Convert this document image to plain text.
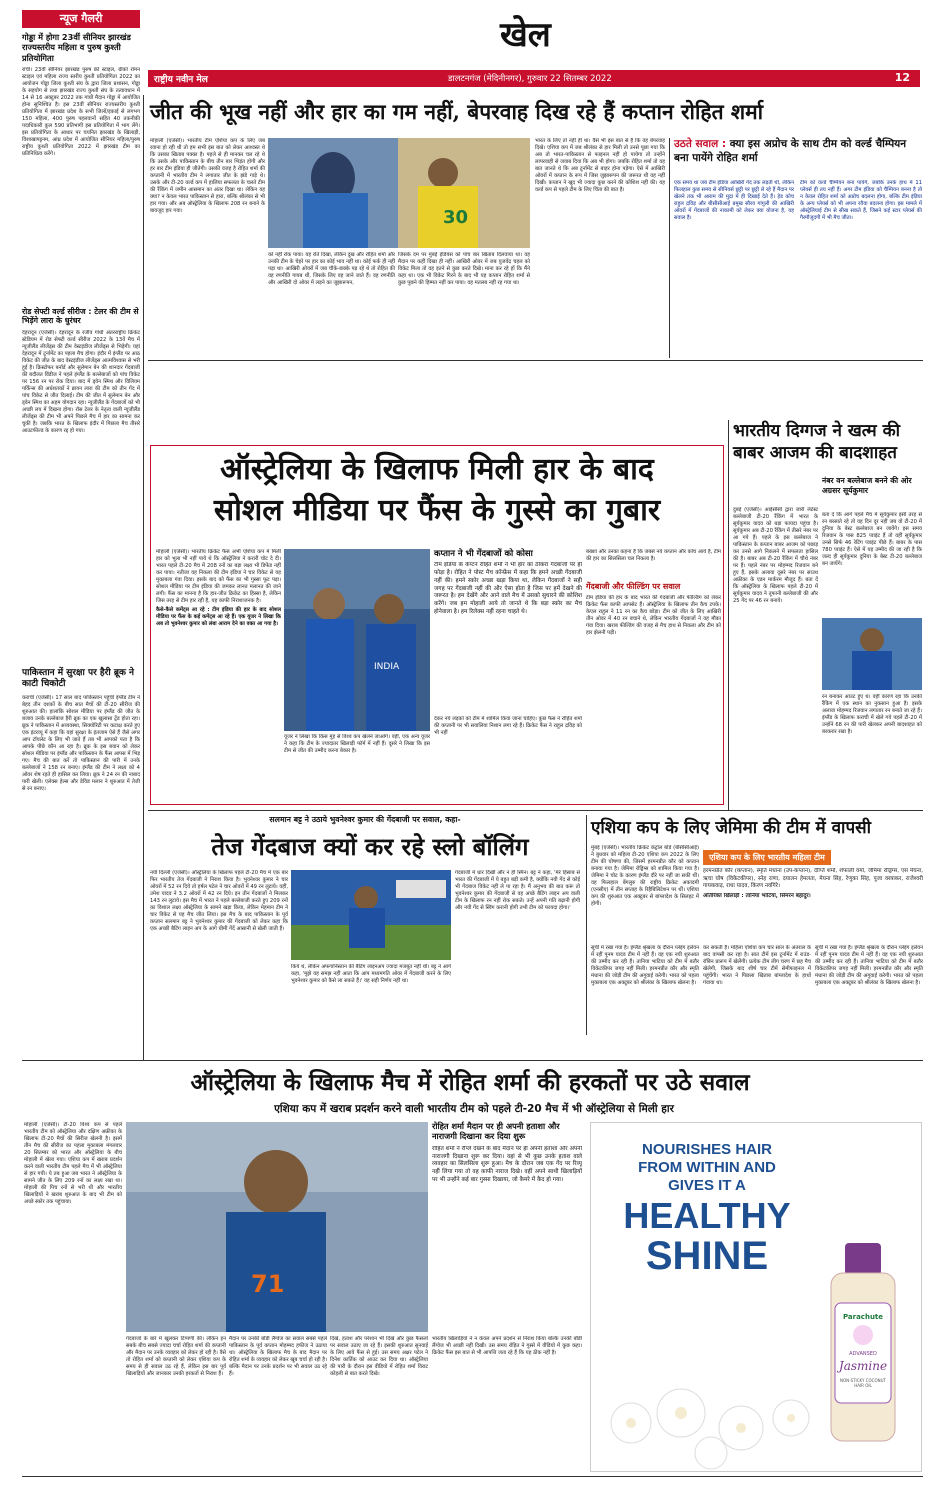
खेल
राष्ट्रीय नवीन मेल	डालटनगंज (मेदिनीनगर), गुरुवार 22 सितम्बर 2022	12
न्यूज गैलरी
गोड्डा में होगा 23वीं सीनियर झारखंड राज्यस्तरीय महिला व पुरुष कुश्ती प्रतियोगिता
रांची। 23वीं सीनियर झारखंड पुरुष फ्री स्टाइल, ग्रीको रोमन स्टाइल एवं महिला राज्य स्तरीय कुश्ती प्रतियोगिता 2022 का आयोजन गोड्डा जिला कुश्ती संघ के द्वारा जिला प्रशासन, गोड्डा के सहयोग से तथा झारखंड राज्य कुश्ती संघ के तत्वावधान में 14 से 16 अक्टूबर 2022 तक गांधी मैदान गोड्डा में आयोजित होना सुनिश्चित है। इस 23वीं सीनियर राज्यस्तरीय कुश्ती प्रतियोगिता में झारखंड प्रदेश के सभी जिलों/इकाई से लगभग 150 महिला, 400 पुरुष पहलवानों सहित 40 तकनीकी पदाधिकारी कुल 590 प्रतिभागी इस प्रतियोगिता में भाग लेंगे। इस प्रतियोगिता के आधार पर चयनित झारखंड के खिलाड़ी, विशाखापट्टनम, आंध्र प्रदेश में आयोजित सीनियर महिला/पुरुष राष्ट्रीय कुश्ती प्रतियोगिता 2022 में झारखंड टीम का प्रतिनिधित्व करेंगे।
रोड सेफ्टी वर्ल्ड सीरीज : टेलर की टीम से भिड़ेंगे लारा के धुरंधर
देहरादून (एजेंसी)। देहरादून के रजीव गांधी अंतरराष्ट्रीय क्रिकेट स्टेडियम में रोड सेफ्टी वर्ल्ड सीरीज 2022 के 13वें मैच में न्यूजीलैंड लीजेंड्स की टीम वेस्टइंडीज लीजेंड्स से भिड़ेगी। यहां देहरादून में टूर्नामेंट का पहला मैच होगा। इंदौर में इंग्लैंड पर आठ विकेट की जीत के बाद वेस्टइंडीज लीजेंड्स आत्मविश्वास से भरी हुई है। क्रिस्टोफर बर्नार्ड और सुलेमान बेन की शानदार गेंदबाजी की बदौलत विंडीज ने पहले इंग्लैंड के बल्लेबाजों को पांच विकेट पर 156 रन पर रोक दिया। बाद में ड्वेन स्मिथ और विलियम पर्किन्स की अर्धशतकों ने ब्रायन लारा की टीम को तीन गेंद में पांच विकेट से जीत दिलाई। टीम की जीत में सुलेमान बेन और ड्वेन स्मिथ का अहम योगदान रहा। न्यूजीलैंड के गेंदबाजों को भी अच्छी लय में दिखना होगा। रॉस टेलर के नेतृत्व वाली न्यूजीलैंड लीजेंड्स की टीम भी अपने पिछले मैच में हार का सामना कर चुकी है। जबकि भारत के खिलाफ इंदौर में पिछला मैच तीसरे आउटफील्ड के कारण रद्द हो गया।
पाकिस्तान में सुरक्षा पर हैरी ब्रूक ने काटी चिकोटी
कराची (एजेंसी)। 17 साल बाद पाकिस्तान पहुंची इंग्लैंड टीम ने बेहद तीन दशकों के बीच सात मैचों की टी-20 सीरीज की शुरुआत की। हालांकि सोशल मीडिया पर इंग्लैंड की जीत के बजाय उनके बल्लेबाज हैरी ब्रूक का एक खुलासा ट्रेंड होता रहा। ब्रूक ने पाकिस्तान में अव्यवस्था, सिक्योरिटी पर कटाक्ष करते हुए एक इंटरव्यू में कहा कि यहां सुरक्षा के इंतजाम ऐसे हैं जैसे अगर आप टॉयलेट के लिए भी जाते हैं तब भी आपको पता है कि आपके पीछे कौन आ रहा है। ब्रूक के इस बयान को लेकर सोशल मीडिया पर इंग्लैंड और पाकिस्तान के फैंस आपस में भिड़ गए। मैच की बात करें तो पाकिस्तान की पारी में उनके बल्लेबाजों ने 158 रन बनाए। इंग्लैंड की टीम ने लक्ष्य को 4 ओवर शेष रहते ही हासिल कर लिया। ब्रूक ने 24 रन की नाबाद पारी खेली। एलेक्स हेल्स और डेविड मलान ने शुरुआत में तेजी से रन बनाए।
जीत की भूख नहीं और हार का गम नहीं, बेपरवाह दिख रहे हैं कप्तान रोहित शर्मा
मोहाली (एजेंसी)। भारतीय टीम एशिया कप के लिए जब रवाना हो रही थी तो हम सभी इस बात को लेकर आश्वस्त थे कि उसका खिताब पक्का है। पहले से ही मानकर चल रहे थे कि उसके और पाकिस्तान के बीच तीन बार भिड़ंत होगी और हर बार टीम इंडिया ही जीतेगी। उसकी वजह है रोहित शर्मा की कप्तानी में भारतीय टीम ने लगातार जीत के झंडे गाड़े थे। उसके और टी-20 वर्ल्ड कप में हालिया सफलता के चलते टीम की रैंकिंग में जमीन आसमान का अंतर दिखा था। लेकिन यह क्या? न केवल भारत पाकिस्तान से हारा, बल्कि श्रीलंका से भी हार गया। और अब ऑस्ट्रेलिया के खिलाफ 208 रन बनाने के बावजूद हार गया।	30
को नहीं रोक पाया। यह रोते दिखा, लेकिन दुख और रोहित शर्मा और उनकी टीम के चेहरे पर हार का कोई भाव नहीं था। कोई फर्क ही नहीं पड़ा था। आखिरी ओवरों में जब चौके-छक्के पड़ रहे थे तो रोहित की वह रणनीति गायब थी, जिसके लिए वह जाने जाते हैं। वह रणनीति और आखिरी दो ओवर में लड़ने का जुझारूपन,
जिसके दम पर मुंबई इंडियंस को पांच बार खिताब दिलवाया था। वह मैदान पर कहीं दिखा ही नहीं। आखिरी ओवर में जब युजवेंद्र चहल को विकेट मिला तो वह इतने से कुछ करते दिखे। माना कर रहे हों कि मैंने कहा था। एक भी विकेट गिरने के बाद भी यह कप्तान रोहित शर्मा से कुछ पूछने की हिम्मत नहीं कर पाया। वह मतलब नहीं रह गया था।
भारत के लिए तो नहीं ही था। वैसे भी इस बात से है कि वह बेपरवाह दिखे। एशिया कप में जब श्रीलंका से हार मिली तो उनसे पूछा गया कि अब तो भारत-पाकिस्तान से फाइनल नहीं हो पायेगा तो उन्होंने लापरवाही से जवाब दिया कि अब भी होगा। जबकि रोहित शर्मा तो यह बात जानते थे कि अब टूर्नामेंट से बाहर होना पड़ेगा। ऐसे में आखिरी ओवरों में कप्तान के रूप में जिस जुझारूपन की जरूरत थी वह नहीं दिखी। कप्तान ने खुद भी ज्यादा कुछ करने की कोशिश नहीं की। यह वर्ल्ड कप से पहले टीम के लिए चिंता की बात है।
उठते सवाल : क्या इस अप्रोच के साथ टीम को वर्ल्ड चैम्पियन बना पायेंगे रोहित शर्मा
एक समय था जब टीम इंडिया आखिरी गेंद तक लड़ती थी, लेकिन फिलहाल कुछ समय से सीनियर्स छुट्टी पर छुट्टी ले रहे हैं मैदान पर खेलने तक भी आराम की मुद्रा में ही दिखाई देते हैं। हेड कोच राहुल द्रविड़ और बीसीसीआई प्रमुख सौरव गांगुली की आखिरी ओवरों में गेंदबाजों की नाकामी को लेकर क्या योजना है, यह सवाल है।
टीम को वर्ल्ड चैम्पियन बना पायेंगे, जबकि उनके हाथ में 11 प्लेयर्स ही तय नहीं हैं। अगर टीम इंडिया को चैम्पियन बनना है तो न केवल रोहित शर्मा को अप्रोच बदलना होगा, बल्कि टीम इंडिया के अन्य प्लेयर्स को भी अपना रवैया बदलना होगा। इस मामले में ऑस्ट्रेलियाई टीम से सीख सकते हैं, जिसने कई स्टार प्लेयर्स की गैरमौजूदगी में भी मैच जीता।
ऑस्ट्रेलिया के खिलाफ मिली हार के बाद
सोशल मीडिया पर फैंस के गुस्से का गुबार
मोहाली (एजेंसी)। भारतीय क्रिकेट फैंस अभी एशिया कप में मिली हार को भूला भी नहीं पाये थे कि ऑस्ट्रेलिया ने करारी चोट दे दी। भारत पहले टी-20 मैच में 208 रनों का बड़ा लक्ष्य भी डिफेंड नहीं कर पाया। नतीजा यह निकला की टीम इंडिया ने चार विकेट से यह मुकाबला गंवा दिया। इसके बाद को फैंस का भी गुस्सा फूट पड़ा। सोशल मीडिया पर टीम इंडिया की जमकर लानत मलानत की जाने लगी। फैंस का मानना है कि हार-जीत क्रिकेट का हिस्सा है, लेकिन जिस तरह से टीम हार रही है, यह काफी निराशाजनक है।
कैसे-कैसे कमेंट्स आ रहे : टीम इंडिया की हार के बाद सोशल मीडिया पर फैंस के कई कमेंट्स आ रहे हैं। एक यूजर ने लिखा कि अब तो भुवनेश्वर कुमार को लंबा आराम देने का वक्त आ गया है।
INDIA
यूजर ने लिखा कि किस मुंह से विश्व कप खेलने जाओगे। वहीं, एक अन्य यूजर ने कहा कि टीम के ज्यादातर खिलाड़ी फॉर्म में नहीं हैं। दूसरे ने लिखा कि इस टीम से जीत की उम्मीद करना बेकार है।
कप्तान ने भी गेंदबाजों को कोसा
टीम इंडिया के कैप्टन रोहित शर्मा ने भी हार का ठीकरा गेंदबाजों पर ही फोड़ा है। रोहित ने पोस्ट मैच कॉन्फ्रेंस में कहा कि हमने अच्छी गेंदबाजी नहीं की। हमने स्कोर अच्छा खड़ा किया था, लेकिन गेंदबाजों ने सही जगह पर गेंदबाजी नहीं की और ऐसा होता है जिस पर हमें देखने की जरूरत है। हम देखेंगे और आने वाले मैच में उसको सुधारने की कोशिश करेंगे। जब हम मोहाली आये तो जानते थे कि बड़ा स्कोर का मैच होनेवाला है। हम रिलेक्स नहीं रहना चाहते थे।
देकर नये लड़कों को टीम में शामिल किया जाना चाहिए। कुछ फैंस ने रोहित शर्मा की कप्तानी पर भी सवालिया निशान लगा रहे हैं। क्रिकेट फैंस ने राहुल द्रविड़ को भी नहीं
बख्शा और उनका कहना है कि जबसे नये कप्तान और कोच आये हैं, टीम की हार का सिलसिला चल निकला है।
गेंदबाजी और फील्डिंग पर सवाल
टीम इंडिया की हार के बाद भारत की गेंदबाजी और फील्डिंग को लेकर क्रिकेट फैंस काफी आपसेट हैं। ऑस्ट्रेलिया के खिलाफ तीन कैच टपके। केएल राहुल ने 11 रन का कैच छोड़ा। टीम को जीत के लिए आखिरी तीन ओवर में 40 रन बचाने थे, लेकिन भारतीय गेंदबाजों ने वह मौका गंवा दिया। खराब फील्डिंग की वजह से मैच हाथ से निकला और टीम को हार झेलनी पड़ी।
भारतीय दिग्गज ने खत्म की बाबर आजम की बादशाहत
नंबर वन बल्लेबाज बनने की ओर अग्रसर सूर्यकुमार
दुबई (एजेंसी)। आईसीसी द्वारा जारी लेटेस्ट बल्लेबाजी टी-20 रैंकिंग में भारत के सूर्यकुमार यादव को बड़ा फायदा पहुंचा है। सूर्यकुमार अब टी-20 रैंकिंग में तीसरे नंबर पर आ गये हैं। पहले के इस बल्लेबाज ने पाकिस्तान के कप्तान बाबर आजम को पछाड़ कर उनसे आगे निकलने में सफलता हासिल की है। बाबर अब टी-20 रैंकिंग में चौथे नंबर पर हैं। पहले नंबर पर मोहम्मद रिजवान बने हुए हैं, इसके अलावा दूसरे नंबर पर साउथ अफ्रीका के एडन मार्करम मौजूद हैं। बता दें कि ऑस्ट्रेलिया के खिलाफ पहले टी-20 में सूर्यकुमार यादव ने तूफानी बल्लेबाजी की और 25 गेंद पर 46 रन बनाये।
बता दें कि आगे पहले मैच में सूर्यकुमार इसी तरह से रन बरसाते रहे तो वह दिन दूर नहीं जब वो टी-20 में दुनिया के बेस्ट बल्लेबाज बन जायेंगे। इस समय रिजवान के पास 825 प्वाइंट हैं तो वहीं सूर्यकुमार उनसे सिर्फ 46 रेटिंग प्वाइंट पीछे हैं। बाबर के पास 780 प्वाइंट हैं। ऐसे में यह उम्मीद की जा रही है कि जल्द ही सूर्यकुमार दुनिया के बेस्ट टी-20 बल्लेबाज बन जायेंगे।
रन बनाकर आउट हुए थे। वहीं कारण रहा कि उनकी रैंकिंग में एक स्थान का नुकसान हुआ है। इसके अलावा मोहम्मद रिजवान लगातार रन बनाते जा रहे हैं। इंग्लैंड के खिलाफ कराची में खेले गये पहले टी-20 में उन्होंने 68 रन की पारी खेलकर अपनी बादशाहत को बरकरार रखा है।
सलमान बट्ट ने उठाये भुवनेश्वर कुमार की गेंदबाजी पर सवाल, कहा-
तेज गेंदबाज क्यों कर रहे स्लो बॉलिंग
नयी दिल्ली (एजेंसी)। ऑस्ट्रेलिया के खिलाफ पहले टी-20 मैच में एक बार फिर भारतीय तेज गेंदबाजी ने निराश किया है। भुवनेश्वर कुमार ने चार ओवरों में 52 रन दिये तो हर्षल पटेल ने चार ओवरों में 49 रन लुटाये। वहीं, उमेश यादव ने 3.2 ओवरों में 42 रन दिये। इन तीन गेंदबाजों ने मिलकर 143 रन लुटाये। इस मैच में भारत ने पहले बल्लेबाजी करते हुए 209 रनों का विशाल लक्ष्य ऑस्ट्रेलिया के सामने खड़ा किया, लेकिन मेहमान टीम ने चार विकेट से यह मैच जीत लिया। इस मैच के बाद पाकिस्तान के पूर्व कप्तान सलमान बट्ट ने भुवनेश्वर कुमार की गेंदबाजी को लेकर कहा कि एक अच्छी बैटिंग लाइन अप के आगे धीमी गेंदें आसानी से खेली जाती हैं।
किये थे, लेकिन अफगानिस्तान की बैटिंग लाइनअप ज्यादा मजबूत नहीं थी। बट्ट ने आगे कहा, 'मुझे यह समझ नहीं आता कि आप मध्यमगति ओवर में गेंदबाजी करने के लिए भुवनेश्वर कुमार को कैसे ला सकते हैं।' वह सही निर्णय नहीं था।
गेंदबाजी में धार दिखी और न ही स्पिन। बट्ट ने कहा, 'मेरे हिसाब से भारत की गेंदबाजी में ये बहुत बड़ी कमी है, क्योंकि नयी गेंद से कोई भी गेंदबाज विकेट नहीं ले पा रहा है। मैं अनुभव की बात करूं तो भुवनेश्वर कुमार की गेंदबाजी से वह अच्छे बैटिंग लाइन अप वाली टीम के खिलाफ रन नहीं रोक सकते। उन्हें अपनी गति बढ़ानी होगी और नयी गेंद से स्विंग करानी होगी तभी टीम को फायदा होगा।'
एशिया कप के लिए जेमिमा की टीम में वापसी
मुंबई (एजेंसी)। भारतीय क्रिकेट कंट्रोल बोर्ड (बीसीसीआई) ने बुधवार को महिला टी-20 एशिया कप 2022 के लिए टीम की घोषणा की, जिसमें हरमनप्रीत कौर को कप्तान बनाया गया है। जेमिमा रोड्रिग्स को शामिल किया गया है। जेमिमा ने चोट के कारण इंग्लैंड दौरे पर नहीं जा सकी थीं। वह फिलहाल बेंगलुरु की राष्ट्रीय क्रिकेट अकादमी (एनसीए) में तीन सप्ताह के रिहैबिलिटेशन पर थीं। एशिया कप की शुरुआत एक अक्टूबर से बांग्लादेश के सिलहट में होगी।
एशिया कप के लिए भारतीय महिला टीम
हरमनप्रीत कौर (कप्तान), स्मृति मंधाना (उप-कप्तान), दीप्ति शर्मा, शेफाली वर्मा, जेमिमा रोड्रिग्स, एस मेघना, ऋचा घोष (विकेटकीपर), स्नेह राणा, दयालन हेमलता, मेघना सिंह, रेणुका सिंह, पूजा वस्त्राकर, राजेश्वरी गायकवाड़, राधा यादव, किरण नवगिरे।
अतिरिक्त खिलाड़ी : तानिया भाटिया, सिमरन बहादुर।
सूची में रखा गया है। इंग्लैंड श्रृंखला के दौरान प्लेइंग इलेवन में रहीं पूनम यादव टीम में नहीं हैं। वह एक नयी शुरुआत की उम्मीद कर रही हैं। तानिया भाटिया को टीम में बतौर विकेटकीपर जगह नहीं मिली। हरमनप्रीत कौर और स्मृति मंधाना की जोड़ी टीम की अगुवाई करेगी। भारत को पहला मुकाबला एक अक्टूबर को श्रीलंका के खिलाफ खेलना है।
कर सकती हैं। महिला एशिया कप चार साल के अंतराल के बाद वापसी कर रहा है। सात टीमें इस टूर्नामेंट में राउंड-रॉबिन प्रारूप में खेलेंगी। प्रत्येक टीम लीग चरण में छह मैच खेलेगी, जिसके बाद शीर्ष चार टीमें सेमीफाइनल में पहुंचेंगी। भारत ने पिछला खिताब बांग्लादेश के हाथों गंवाया था।
सूची में रखा गया है। इंग्लैंड श्रृंखला के दौरान प्लेइंग इलेवन में रहीं पूनम यादव टीम में नहीं हैं। वह एक नयी शुरुआत की उम्मीद कर रही हैं। तानिया भाटिया को टीम में बतौर विकेटकीपर जगह नहीं मिली। हरमनप्रीत कौर और स्मृति मंधाना की जोड़ी टीम की अगुवाई करेगी। भारत को पहला मुकाबला एक अक्टूबर को श्रीलंका के खिलाफ खेलना है।
ऑस्ट्रेलिया के खिलाफ मैच में रोहित शर्मा की हरकतों पर उठे सवाल
एशिया कप में खराब प्रदर्शन करने वाली भारतीय टीम को पहले टी-20 मैच में भी ऑस्ट्रेलिया से मिली हार
मोहाली (एजेंसी)। टी-20 विश्व कप से पहले भारतीय टीम को ऑस्ट्रेलिया और दक्षिण अफ्रीका के खिलाफ टी-20 मैचों की सिरीज खेलनी है। इसमें तीन मैच की सीरीज का पहला मुकाबला मंगलवार 20 सितम्बर को भारत और ऑस्ट्रेलिया के बीच मोहाली में खेला गया। एशिया कप में खराब प्रदर्शन करने वाली भारतीय टीम पहले मैच में भी ऑस्ट्रेलिया से हार गयी। ये तब हुआ जब भारत ने ऑस्ट्रेलिया के सामने जीत के लिए 209 रनों का लक्ष्य रखा था। मोहाली की पिच रनों से भरी थी और भारतीय खिलाड़ियों ने खराब शुरुआत के बाद भी टीम को अच्छे स्कोर तक पहुंचाया।
71
गेंदबाजों के बारे में खुलकर टिप्पणी की। लेकिन इन सबके बीच सबसे ज्यादा चर्चा रोहित शर्मा की कप्तानी और मैदान पर उनके व्यवहार को लेकर हो रही है। वैसे तो रोहित शर्मा को कप्तानी को लेकर एशिया कप के समय से ही सवाल उठ रहे हैं, लेकिन इस बार पूर्व खिलाड़ियों और जानकार उनकी हरकतों से निराश हैं।
मैदान पर उनकी बॉडी लैंग्वेज का सवाल सबसे पहले पाकिस्तान के पूर्व कप्तान मोहम्मद हफीज ने उठाया था। ऑस्ट्रेलिया के खिलाफ मैच के बाद मैदान पर रोहित शर्मा के व्यवहार को लेकर खूब चर्चा हो रही है। बल्कि मैदान पर उनके प्रदर्शन पर भी सवाल उठ रहे हैं।
दिखे, हताश और परेशान भी दिखे और कुछ फैसलों पर सवाल उठाए जा रहे हैं। इसकी शुरुआत सुनवाई के लिए आये फैंस से हुई। उस समय अक्षर पटेल ने दिनेश कार्तिक को आउट कर दिया था। ऑस्ट्रेलिया की पारी के दौरान इस वीडियो में रोहित शर्मा विराट कोहली से बात करते दिखे।
रोहित शर्मा मैदान पर ही अपनी हताशा और नाराजगी दिखाना कर दिया शुरू
रोहित शर्मा ने रीप्ले देखने के बाद मैदान पर ही अपनी हताशा और अपनी नाराजगी दिखाना शुरू कर दिया। वहां से भी कुछ उनके हताश वाले व्यवहार का सिलसिला शुरू हुआ। मैच के दौरान जब एक गेंद पर रिव्यू नहीं लिया गया तो वह काफी नाराज दिखे। वहीं अपने साथी खिलाड़ियों पर भी उन्होंने कई बार गुस्सा दिखाया, जो कैमरे में कैद हो गया।
भारतीय खिलाड़ियों ने न केवल अपने प्रदर्शन से निराश किया बल्कि उनकी बॉडी लैंग्वेज भी अच्छी नहीं दिखी। उस समय रोहित ने गुस्से में वीडियो में कुछ कहा। क्रिकेट फैंस इस बात से भी आपत्ति जता रहे हैं कि यह ठीक नहीं है।
NOURISHES HAIR
FROM WITHIN AND
GIVES IT A
HEALTHY
SHINE
Parachute
ADVANSED
Jasmine
NON-STICKY COCONUT HAIR OIL
